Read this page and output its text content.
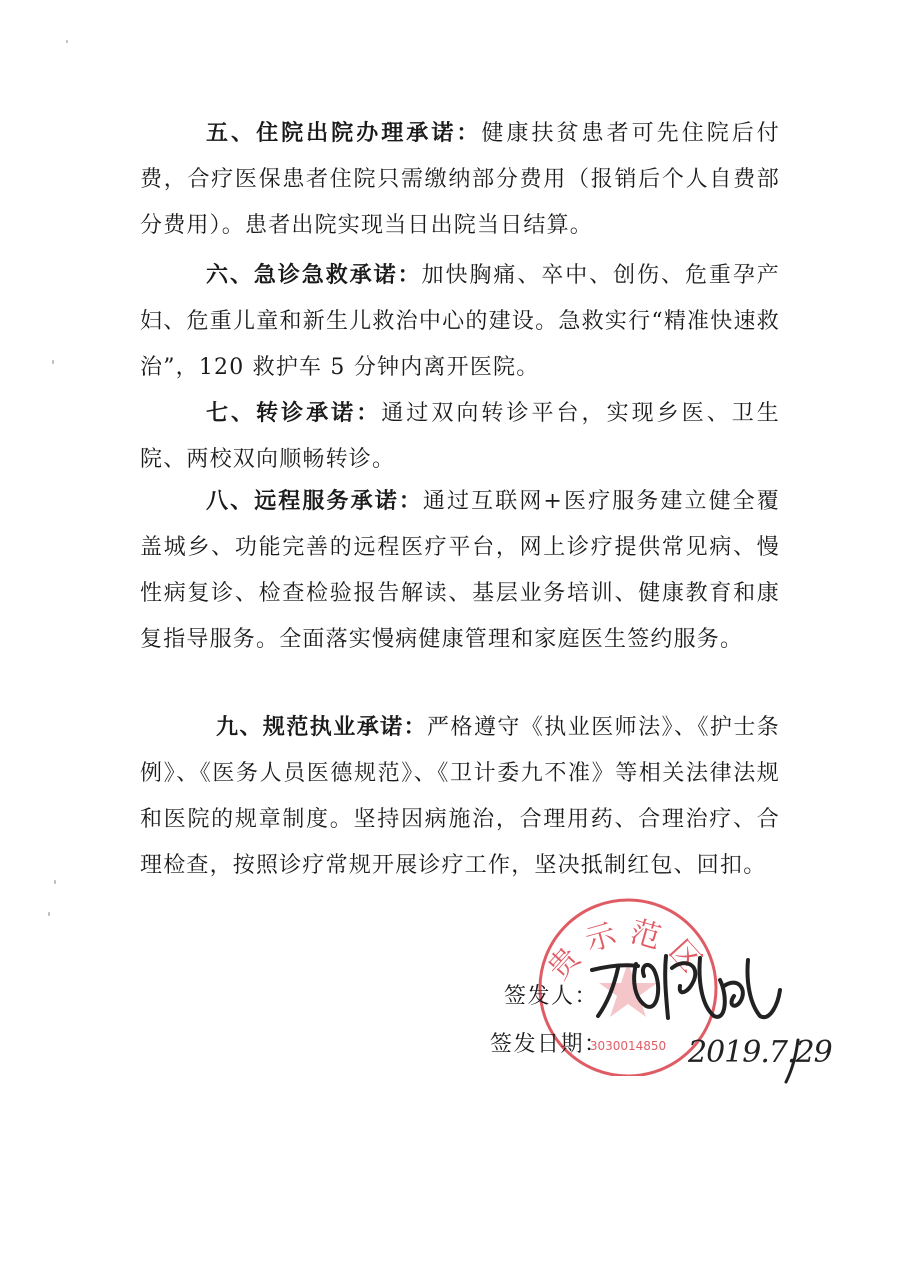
五、住院出院办理承诺：健康扶贫患者可先住院后付费，合疗医保患者住院只需缴纳部分费用（报销后个人自费部分费用）。患者出院实现当日出院当日结算。

六、急诊急救承诺：加快胸痛、卒中、创伤、危重孕产妇、危重儿童和新生儿救治中心的建设。急救实行“精准快速救治”，120 救护车 5 分钟内离开医院。

七、转诊承诺：通过双向转诊平台，实现乡医、卫生院、两校双向顺畅转诊。

八、远程服务承诺：通过互联网+医疗服务建立健全覆盖城乡、功能完善的远程医疗平台，网上诊疗提供常见病、慢性病复诊、检查检验报告解读、基层业务培训、健康教育和康复指导服务。全面落实慢病健康管理和家庭医生签约服务。

九、规范执业承诺：严格遵守《执业医师法》、《护士条例》、《医务人员医德规范》、《卫计委九不准》等相关法律法规和医院的规章制度。坚持因病施治，合理用药、合理治疗、合理检查，按照诊疗常规开展诊疗工作，坚决抵制红包、回扣。

贵示范区
3030014850
签发人：
签发日期：	2019.7.29
